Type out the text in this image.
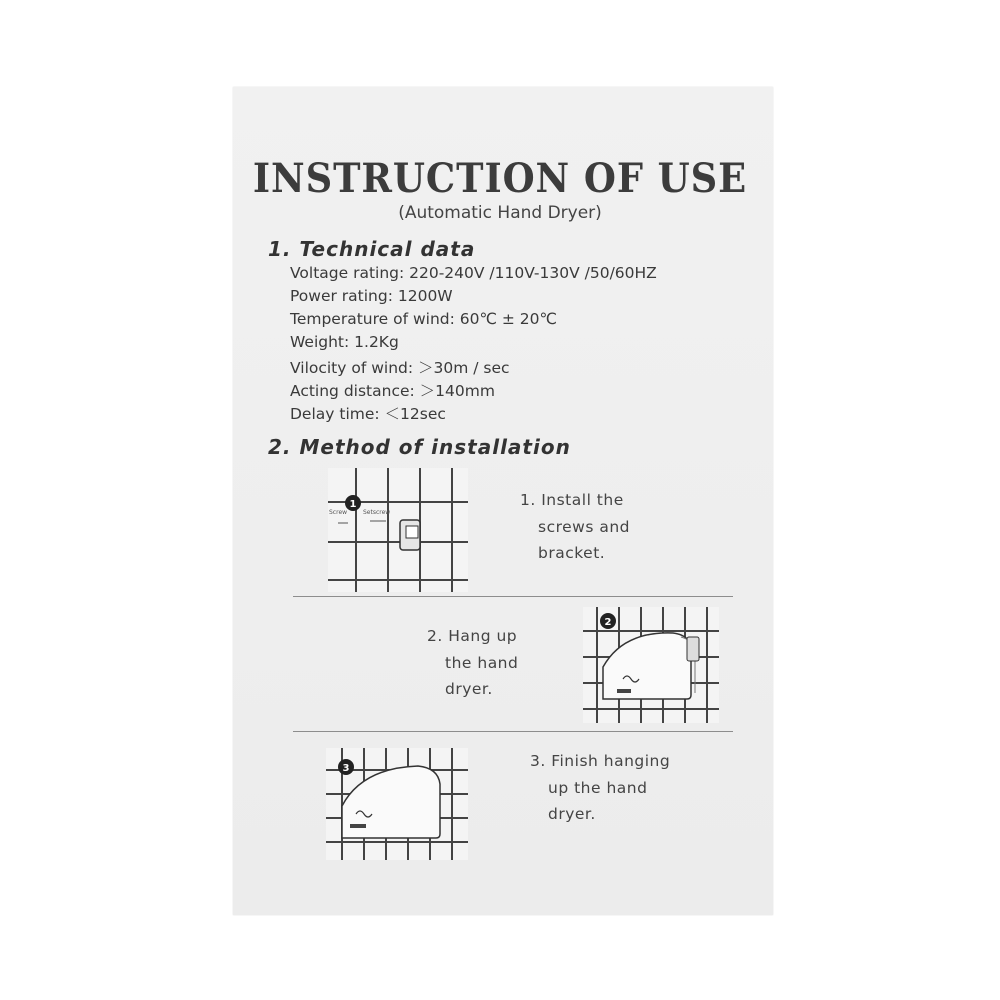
INSTRUCTION OF USE

(Automatic Hand Dryer)

1. Technical data

Voltage rating: 220-240V /110V-130V /50/60HZ

Power rating: 1200W

Temperature of wind: 60℃ ± 20℃

Weight: 1.2Kg

Vilocity of wind: ＞30m / sec

Acting distance: ＞140mm

Delay time: ＜12sec

2. Method of installation
1
Screw	Setscrew
1. Install the
screws and
bracket.
2. Hang up
the hand
dryer.
2
3	3. Finish hanging
up the hand
dryer.
